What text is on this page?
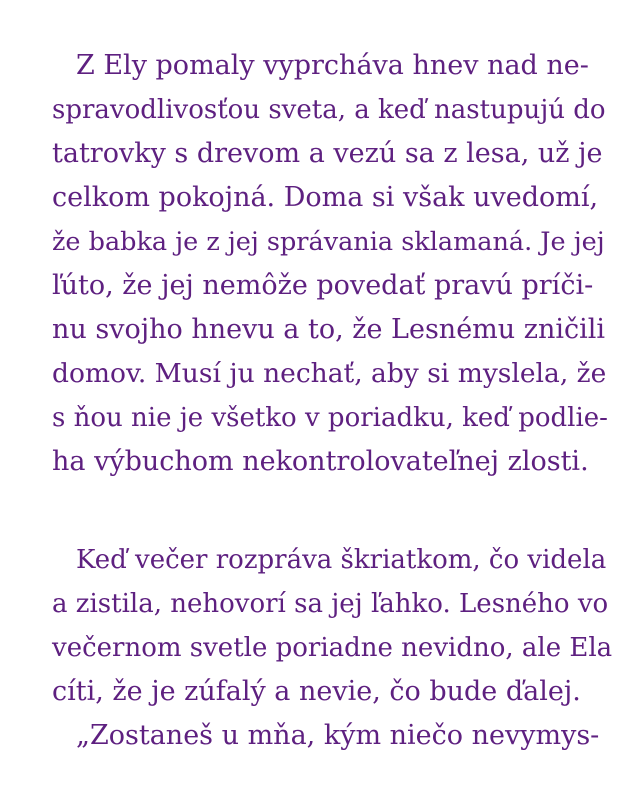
Z Ely pomaly vyprcháva hnev nad ne-
spravodlivosťou sveta, a keď nastupujú do
tatrovky s drevom a vezú sa z lesa, už je
celkom pokojná. Doma si však uvedomí,
že babka je z jej správania sklamaná. Je jej
ľúto, že jej nemôže povedať pravú príči-
nu svojho hnevu a to, že Lesnému zničili
domov. Musí ju nechať, aby si myslela, že
s ňou nie je všetko v poriadku, keď podlie-
ha výbuchom nekontrolovateľnej zlosti.
Keď večer rozpráva škriatkom, čo videla
a zistila, nehovorí sa jej ľahko. Lesného vo
večernom svetle poriadne nevidno, ale Ela
cíti, že je zúfalý a nevie, čo bude ďalej.
„Zostaneš u mňa, kým niečo nevymys-
